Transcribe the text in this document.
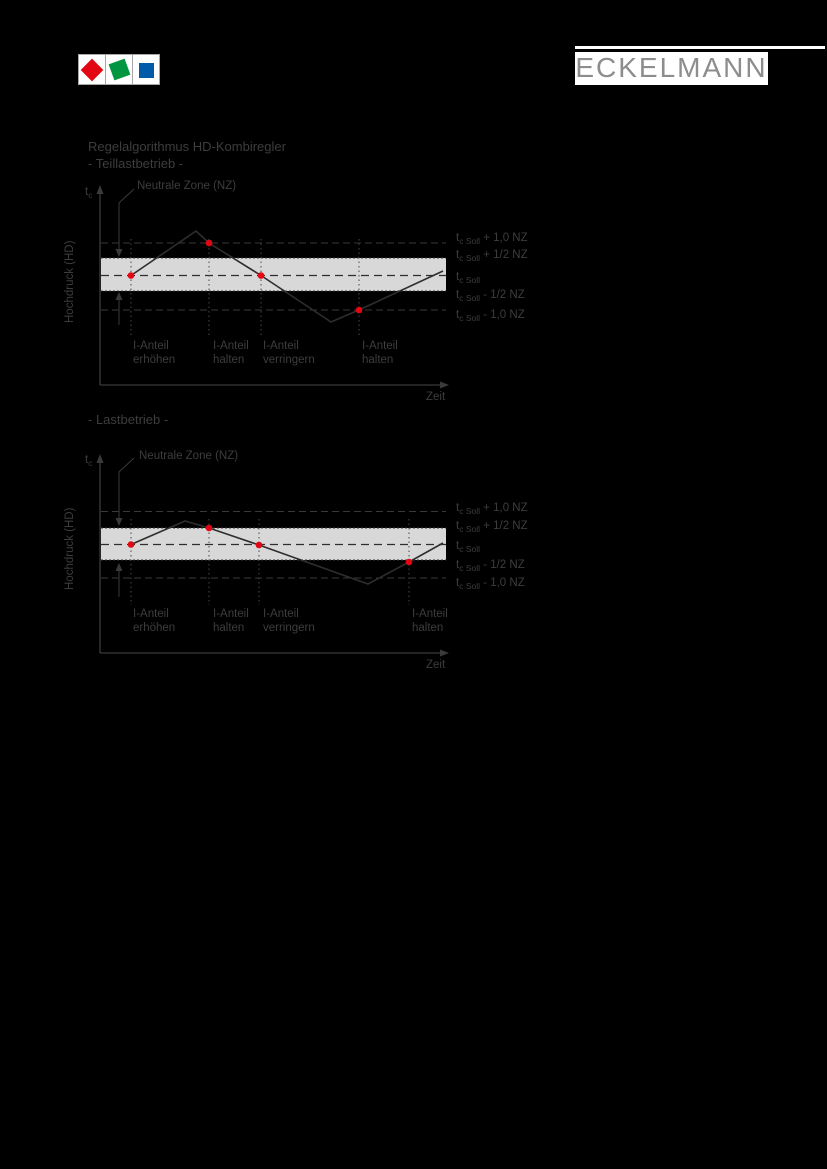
ECKELMANN
Regelalgorithmus HD-Kombiregler
- Teillastbetrieb -
- Lastbetrieb -
$t_c$
Neutrale Zone (NZ)
Hochdruck (HD)
Zeit
$t_{c Soll} + 1,0$ NZ
$t_{c Soll} + 1/2$ NZ
$t_{c Soll}$
$t_{c Soll} - 1/2$ NZ
$t_{c Soll} - 1,0$ NZ
I-Anteil
erhöhen
I-Anteil
halten
I-Anteil
verringern
I-Anteil
halten
$t_c$
Neutrale Zone (NZ)
Hochdruck (HD)
Zeit
$t_{c Soll} + 1,0$ NZ
$t_{c Soll} + 1/2$ NZ
$t_{c Soll}$
$t_{c Soll} - 1/2$ NZ
$t_{c Soll} - 1,0$ NZ
I-Anteil
erhöhen
I-Anteil
halten
I-Anteil
verringern
I-Anteil
halten
